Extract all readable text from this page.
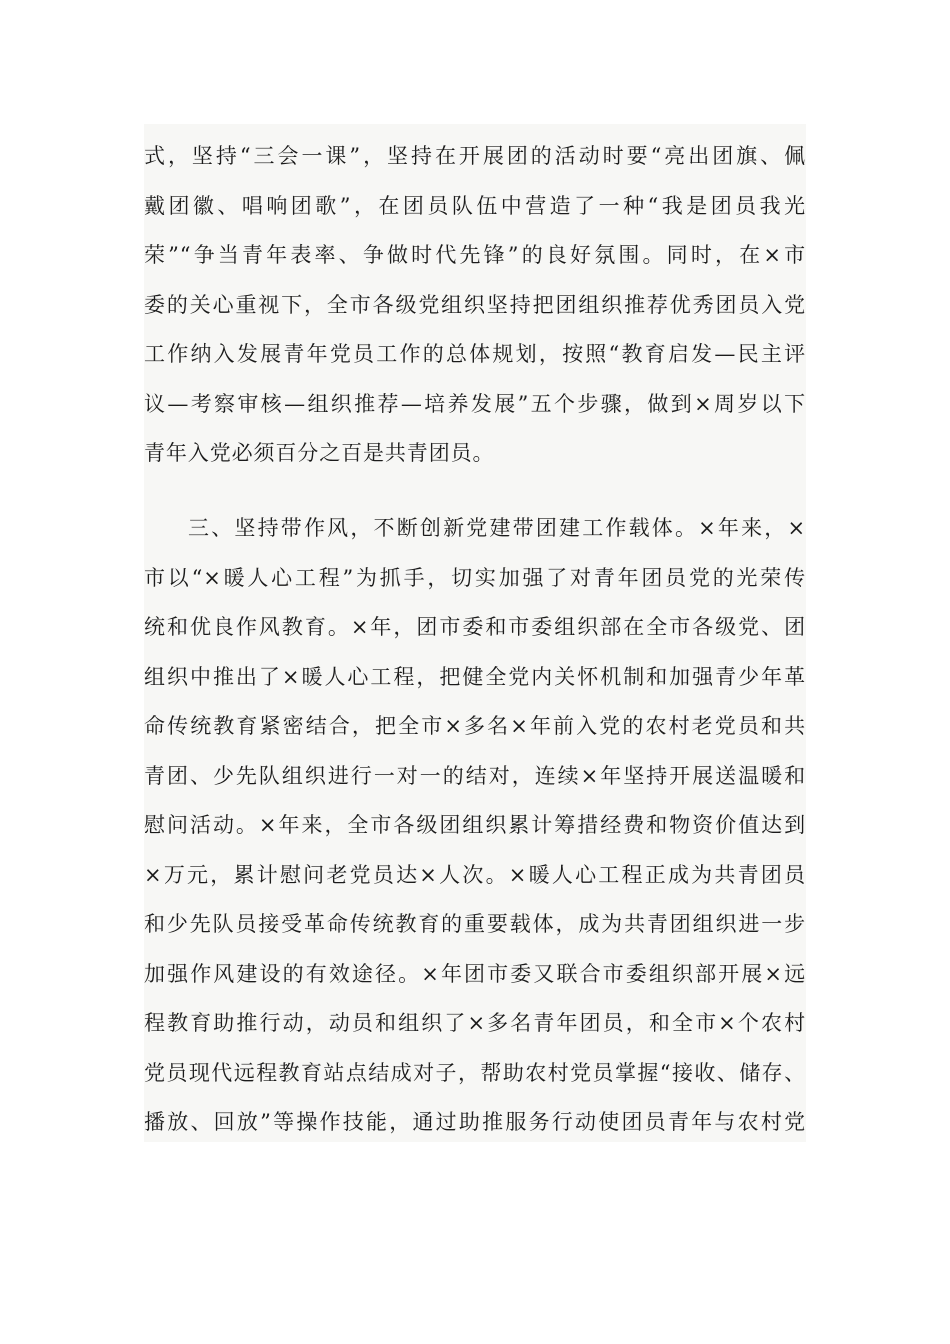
式，坚持“三会一课”，坚持在开展团的活动时要“亮出团旗、佩
戴团徽、唱响团歌”，在团员队伍中营造了一种“我是团员我光
荣”“争当青年表率、争做时代先锋”的良好氛围。同时，在×市
委的关心重视下，全市各级党组织坚持把团组织推荐优秀团员入党
工作纳入发展青年党员工作的总体规划，按照“教育启发—民主评
议—考察审核—组织推荐—培养发展”五个步骤，做到×周岁以下
青年入党必须百分之百是共青团员。
三、坚持带作风，不断创新党建带团建工作载体。×年来，×
市以“×暖人心工程”为抓手，切实加强了对青年团员党的光荣传
统和优良作风教育。×年，团市委和市委组织部在全市各级党、团
组织中推出了×暖人心工程，把健全党内关怀机制和加强青少年革
命传统教育紧密结合，把全市×多名×年前入党的农村老党员和共
青团、少先队组织进行一对一的结对，连续×年坚持开展送温暖和
慰问活动。×年来，全市各级团组织累计筹措经费和物资价值达到
×万元，累计慰问老党员达×人次。×暖人心工程正成为共青团员
和少先队员接受革命传统教育的重要载体，成为共青团组织进一步
加强作风建设的有效途径。×年团市委又联合市委组织部开展×远
程教育助推行动，动员和组织了×多名青年团员，和全市×个农村
党员现代远程教育站点结成对子，帮助农村党员掌握“接收、储存、
播放、回放”等操作技能，通过助推服务行动使团员青年与农村党
